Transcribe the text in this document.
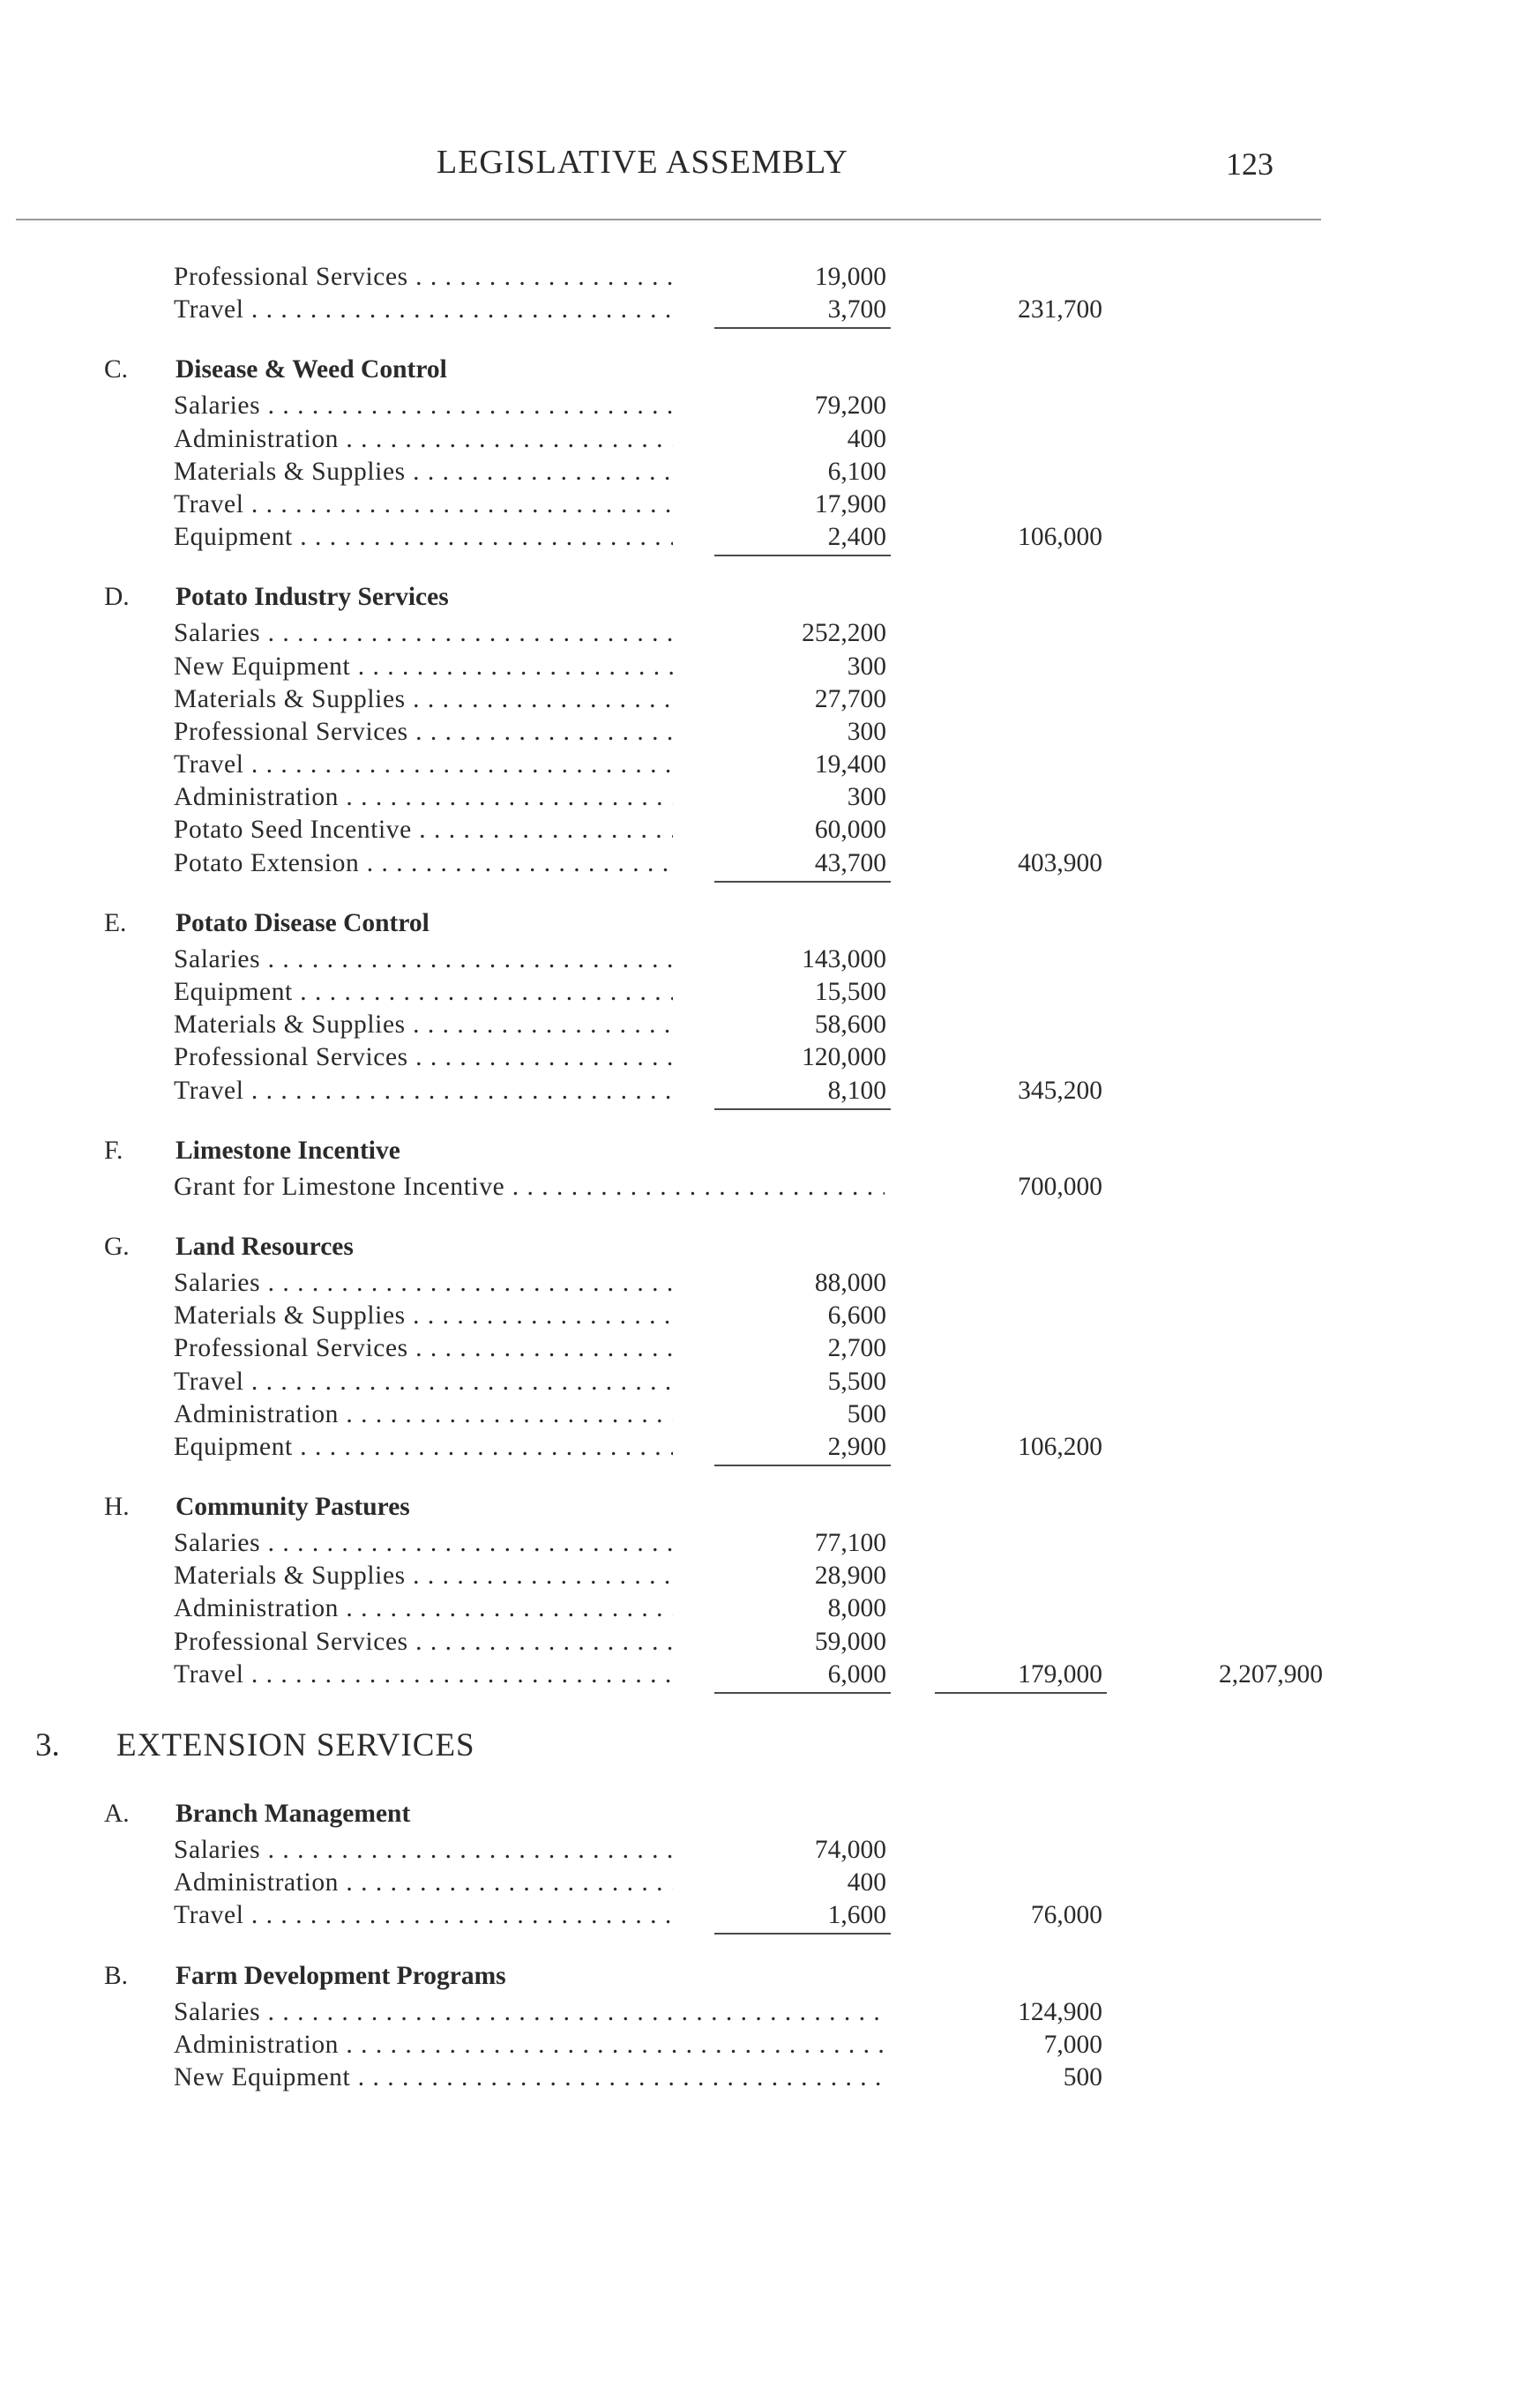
LEGISLATIVE ASSEMBLY	123
Professional Services . . .	19,000
Travel . . .	3,700	231,700
C. Disease & Weed Control
Salaries . . .	79,200
Administration . . .	400
Materials & Supplies . . .	6,100
Travel . . .	17,900
Equipment . . .	2,400	106,000
D. Potato Industry Services
Salaries . . .	252,200
New Equipment . . .	300
Materials & Supplies . . .	27,700
Professional Services . . .	300
Travel . . .	19,400
Administration . . .	300
Potato Seed Incentive . . .	60,000
Potato Extension . . .	43,700	403,900
E. Potato Disease Control
Salaries . . .	143,000
Equipment . . .	15,500
Materials & Supplies . . .	58,600
Professional Services . . .	120,000
Travel . . .	8,100	345,200
F. Limestone Incentive
Grant for Limestone Incentive . . .	700,000
G. Land Resources
Salaries . . .	88,000
Materials & Supplies . . .	6,600
Professional Services . . .	2,700
Travel . . .	5,500
Administration . . .	500
Equipment . . .	2,900	106,200
H. Community Pastures
Salaries . . .	77,100
Materials & Supplies . . .	28,900
Administration . . .	8,000
Professional Services . . .	59,000
Travel . . .	6,000	179,000	2,207,900
3. EXTENSION SERVICES
A. Branch Management
Salaries . . .	74,000
Administration . . .	400
Travel . . .	1,600	76,000
B. Farm Development Programs
Salaries . . .	124,900
Administration . . .	7,000
New Equipment . . .	500
